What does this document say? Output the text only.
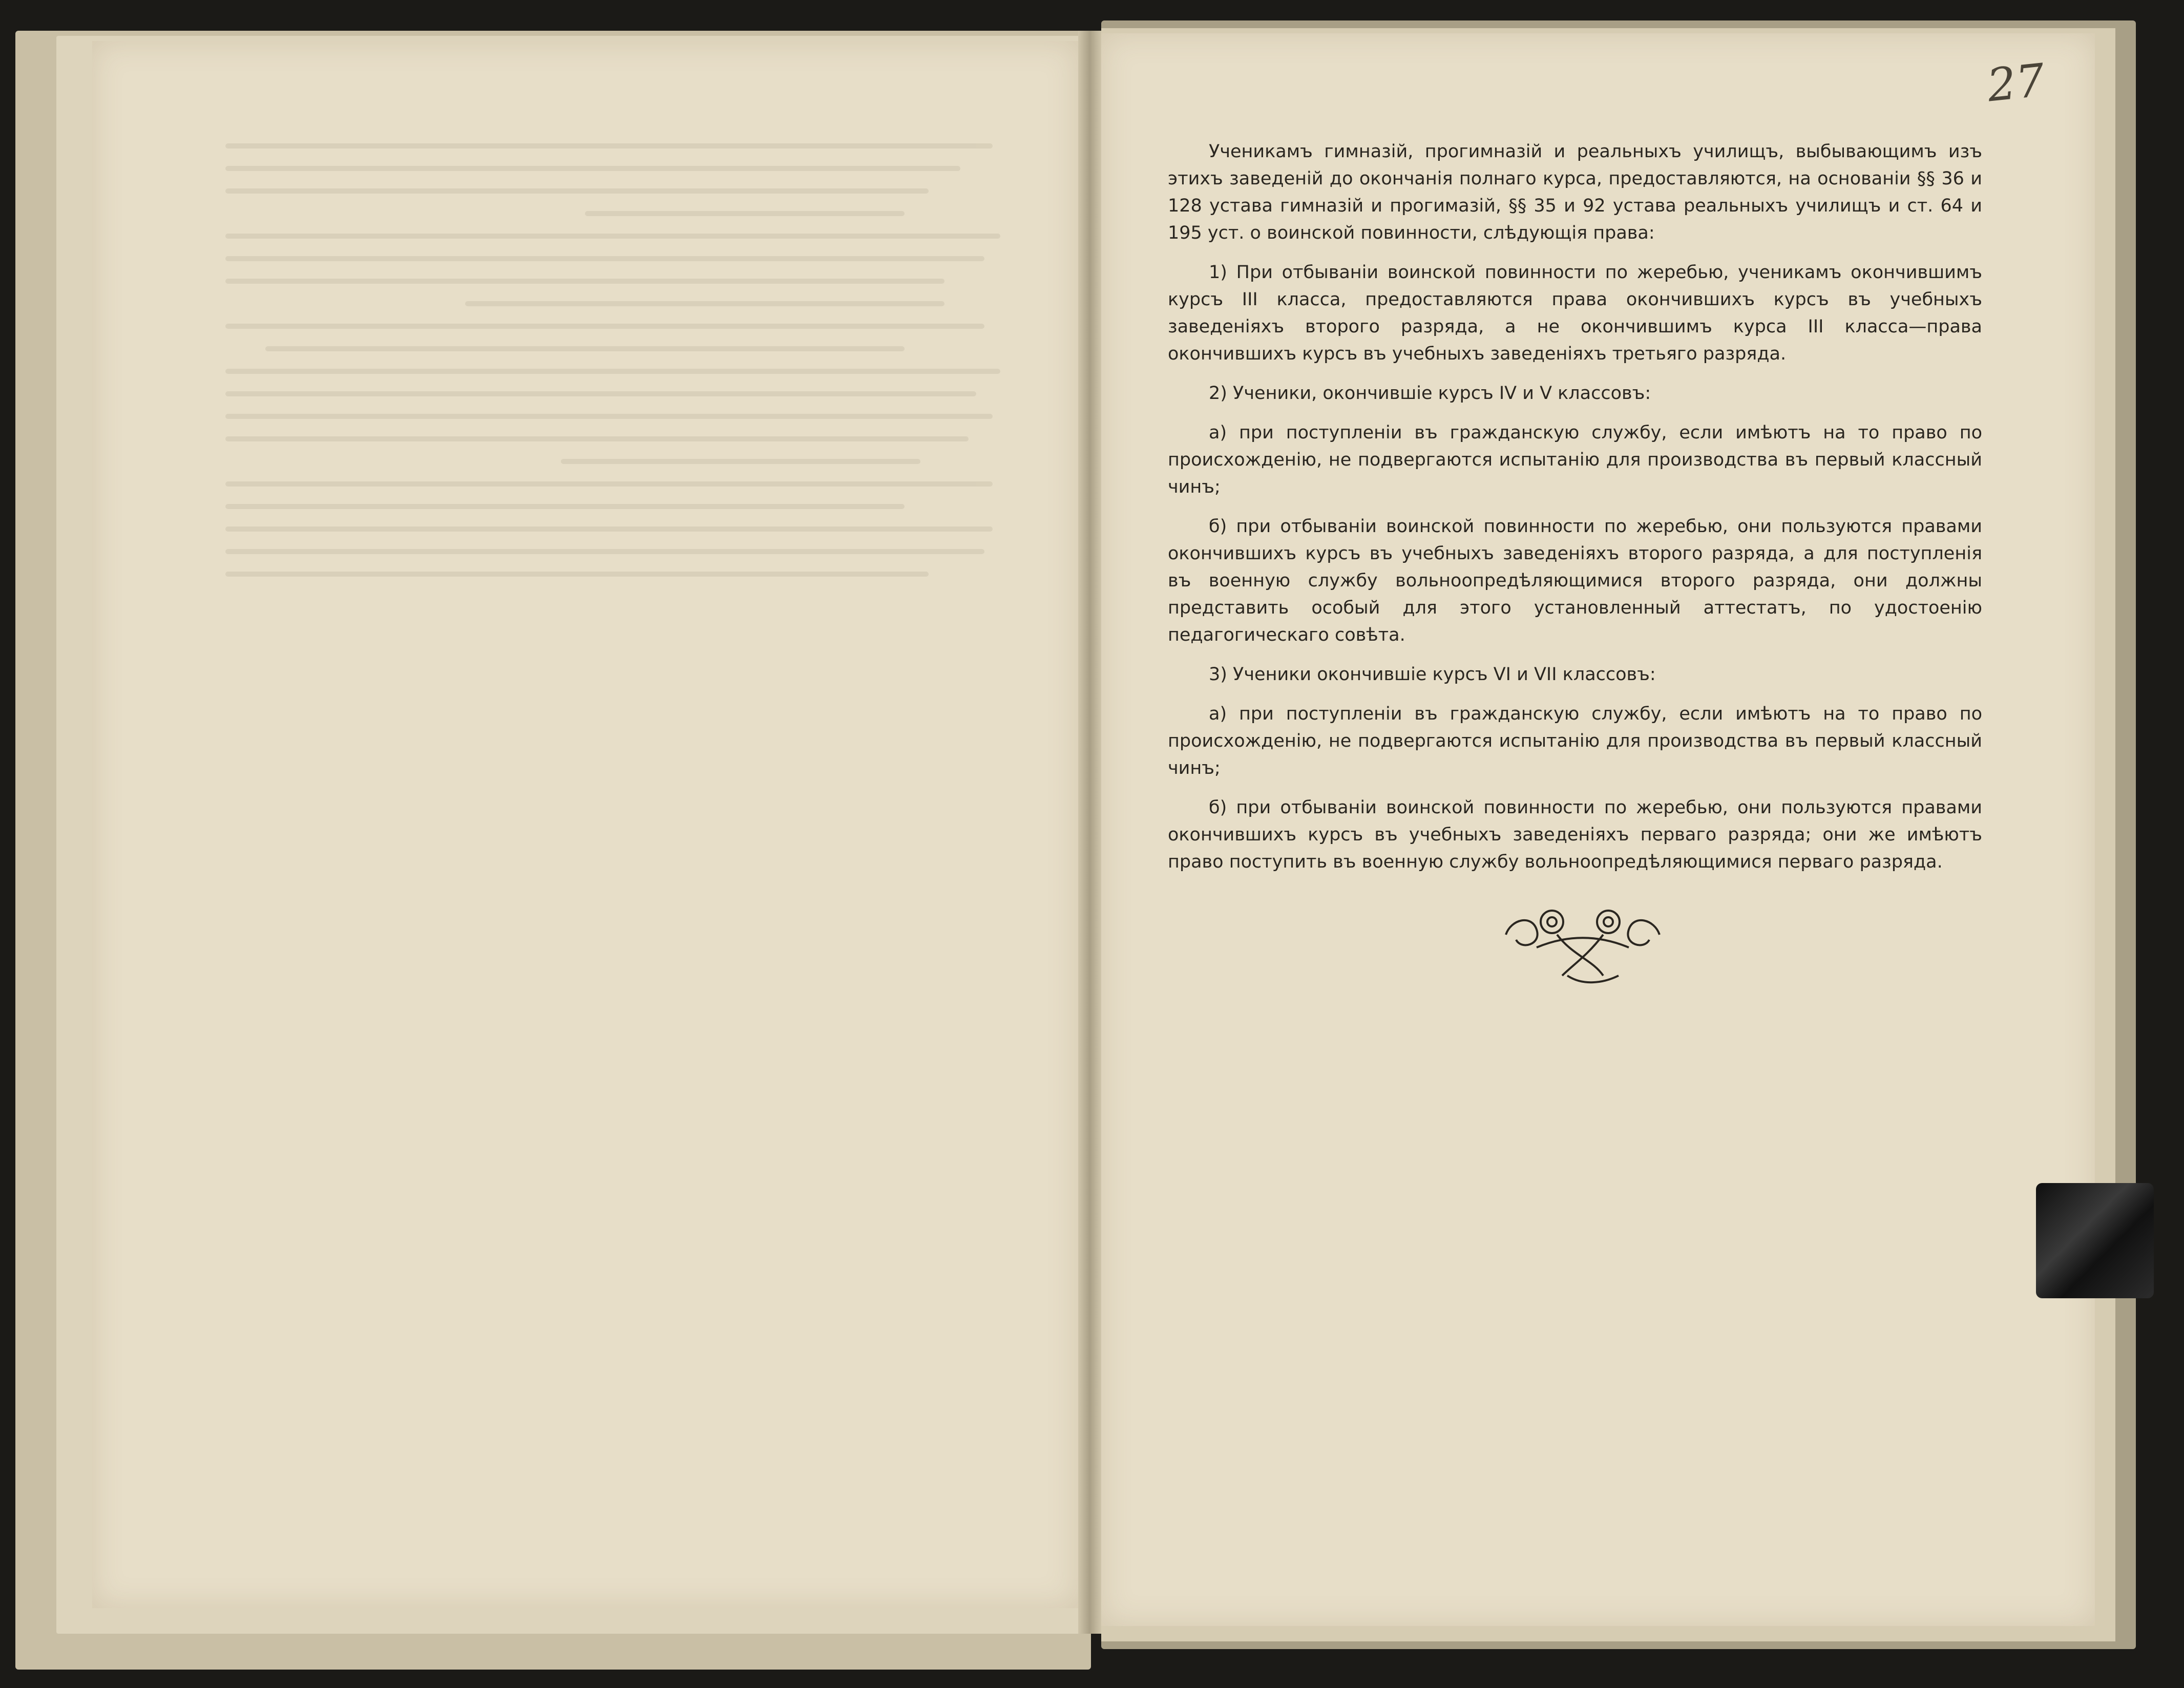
27

Ученикамъ гимназій, прогимназій и реальныхъ училищъ, выбывающимъ изъ этихъ заведеній до окончанія полнаго курса, предоставляются, на основаніи §§ 36 и 128 устава гимназій и прогимазій, §§ 35 и 92 устава реальныхъ училищъ и ст. 64 и 195 уст. о воинской повинности, слѣдующія права:

1) При отбываніи воинской повинности по жеребью, ученикамъ окончившимъ курсъ III класса, предоставляются права окончившихъ курсъ въ учебныхъ заведеніяхъ второго разряда, а не окончившимъ курса III класса—права окончившихъ курсъ въ учебныхъ заведеніяхъ третьяго разряда.

2) Ученики, окончившіе курсъ IV и V классовъ:

а) при поступленіи въ гражданскую службу, если имѣютъ на то право по происхожденію, не подвергаются испытанію для производства въ первый классный чинъ;

б) при отбываніи воинской повинности по жеребью, они пользуются правами окончившихъ курсъ въ учебныхъ заведеніяхъ второго разряда, а для поступленія въ военную службу вольноопредѣляющимися второго разряда, они должны представить особый для этого установленный аттестатъ, по удостоенію педагогическаго совѣта.

3) Ученики окончившіе курсъ VI и VII классовъ:

а) при поступленіи въ гражданскую службу, если имѣютъ на то право по происхожденію, не подвергаются испытанію для производства въ первый классный чинъ;

б) при отбываніи воинской повинности по жеребью, они пользуются правами окончившихъ курсъ въ учебныхъ заведеніяхъ перваго разряда; они же имѣютъ право поступить въ военную службу вольноопредѣляющимися перваго разряда.
